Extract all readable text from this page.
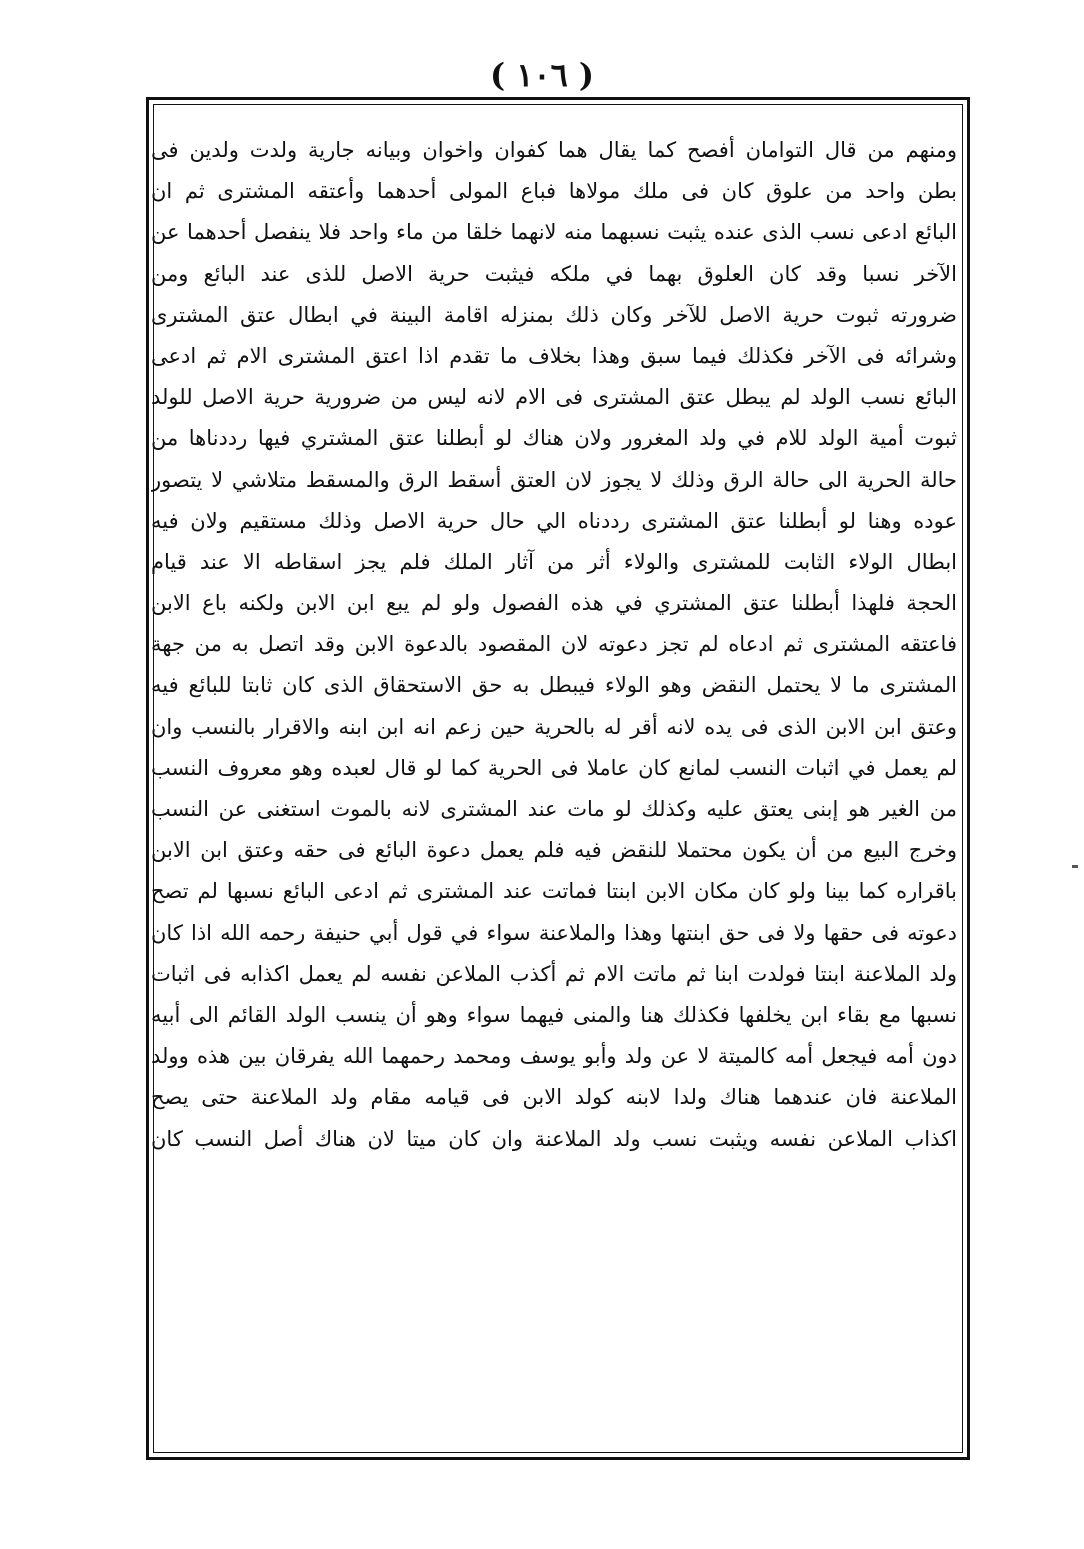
( ١٠٦ )
ومنهم من قال التوامان أفصح كما يقال هما كفوان واخوان وبيانه جارية ولدت ولدين فى
بطن واحد من علوق كان فى ملك مولاها فباع المولى أحدهما وأعتقه المشترى ثم ان
البائع ادعى نسب الذى عنده يثبت نسبهما منه لانهما خلقا من ماء واحد فلا ينفصل أحدهما عن
الآخر نسبا وقد كان العلوق بهما في ملكه فيثبت حرية الاصل للذى عند البائع ومن
ضرورته ثبوت حرية الاصل للآخر وكان ذلك بمنزله اقامة البينة في ابطال عتق المشترى
وشرائه فى الآخر فكذلك فيما سبق وهذا بخلاف ما تقدم اذا اعتق المشترى الام ثم ادعى
البائع نسب الولد لم يبطل عتق المشترى فى الام لانه ليس من ضرورية حرية الاصل للولد
ثبوت أمية الولد للام في ولد المغرور ولان هناك لو أبطلنا عتق المشتري فيها رددناها من
حالة الحرية الى حالة الرق وذلك لا يجوز لان العتق أسقط الرق والمسقط متلاشي لا يتصور
عوده وهنا لو أبطلنا عتق المشترى رددناه الي حال حرية الاصل وذلك مستقيم ولان فيه
ابطال الولاء الثابت للمشترى والولاء أثر من آثار الملك فلم يجز اسقاطه الا عند قيام
الحجة فلهذا أبطلنا عتق المشتري في هذه الفصول ولو لم يبع ابن الابن ولكنه باع الابن
فاعتقه المشترى ثم ادعاه لم تجز دعوته لان المقصود بالدعوة الابن وقد اتصل به من جهة
المشترى ما لا يحتمل النقض وهو الولاء فيبطل به حق الاستحقاق الذى كان ثابتا للبائع فيه
وعتق ابن الابن الذى فى يده لانه أقر له بالحرية حين زعم انه ابن ابنه والاقرار بالنسب وان
لم يعمل في اثبات النسب لمانع كان عاملا فى الحرية كما لو قال لعبده وهو معروف النسب
من الغير هو إبنى يعتق عليه وكذلك لو مات عند المشترى لانه بالموت استغنى عن النسب
وخرج البيع من أن يكون محتملا للنقض فيه فلم يعمل دعوة البائع فى حقه وعتق ابن الابن
باقراره كما بينا ولو كان مكان الابن ابنتا فماتت عند المشترى ثم ادعى البائع نسبها لم تصح
دعوته فى حقها ولا فى حق ابنتها وهذا والملاعنة سواء في قول أبي حنيفة رحمه الله اذا كان
ولد الملاعنة ابنتا فولدت ابنا ثم ماتت الام ثم أكذب الملاعن نفسه لم يعمل اكذابه فى اثبات
نسبها مع بقاء ابن يخلفها فكذلك هنا والمنى فيهما سواء وهو أن ينسب الولد القائم الى أبيه
دون أمه فيجعل أمه كالميتة لا عن ولد وأبو يوسف ومحمد رحمهما الله يفرقان بين هذه وولد
الملاعنة فان عندهما هناك ولدا لابنه كولد الابن فى قيامه مقام ولد الملاعنة حتى يصح
اكذاب الملاعن نفسه ويثبت نسب ولد الملاعنة وان كان ميتا لان هناك أصل النسب كان
